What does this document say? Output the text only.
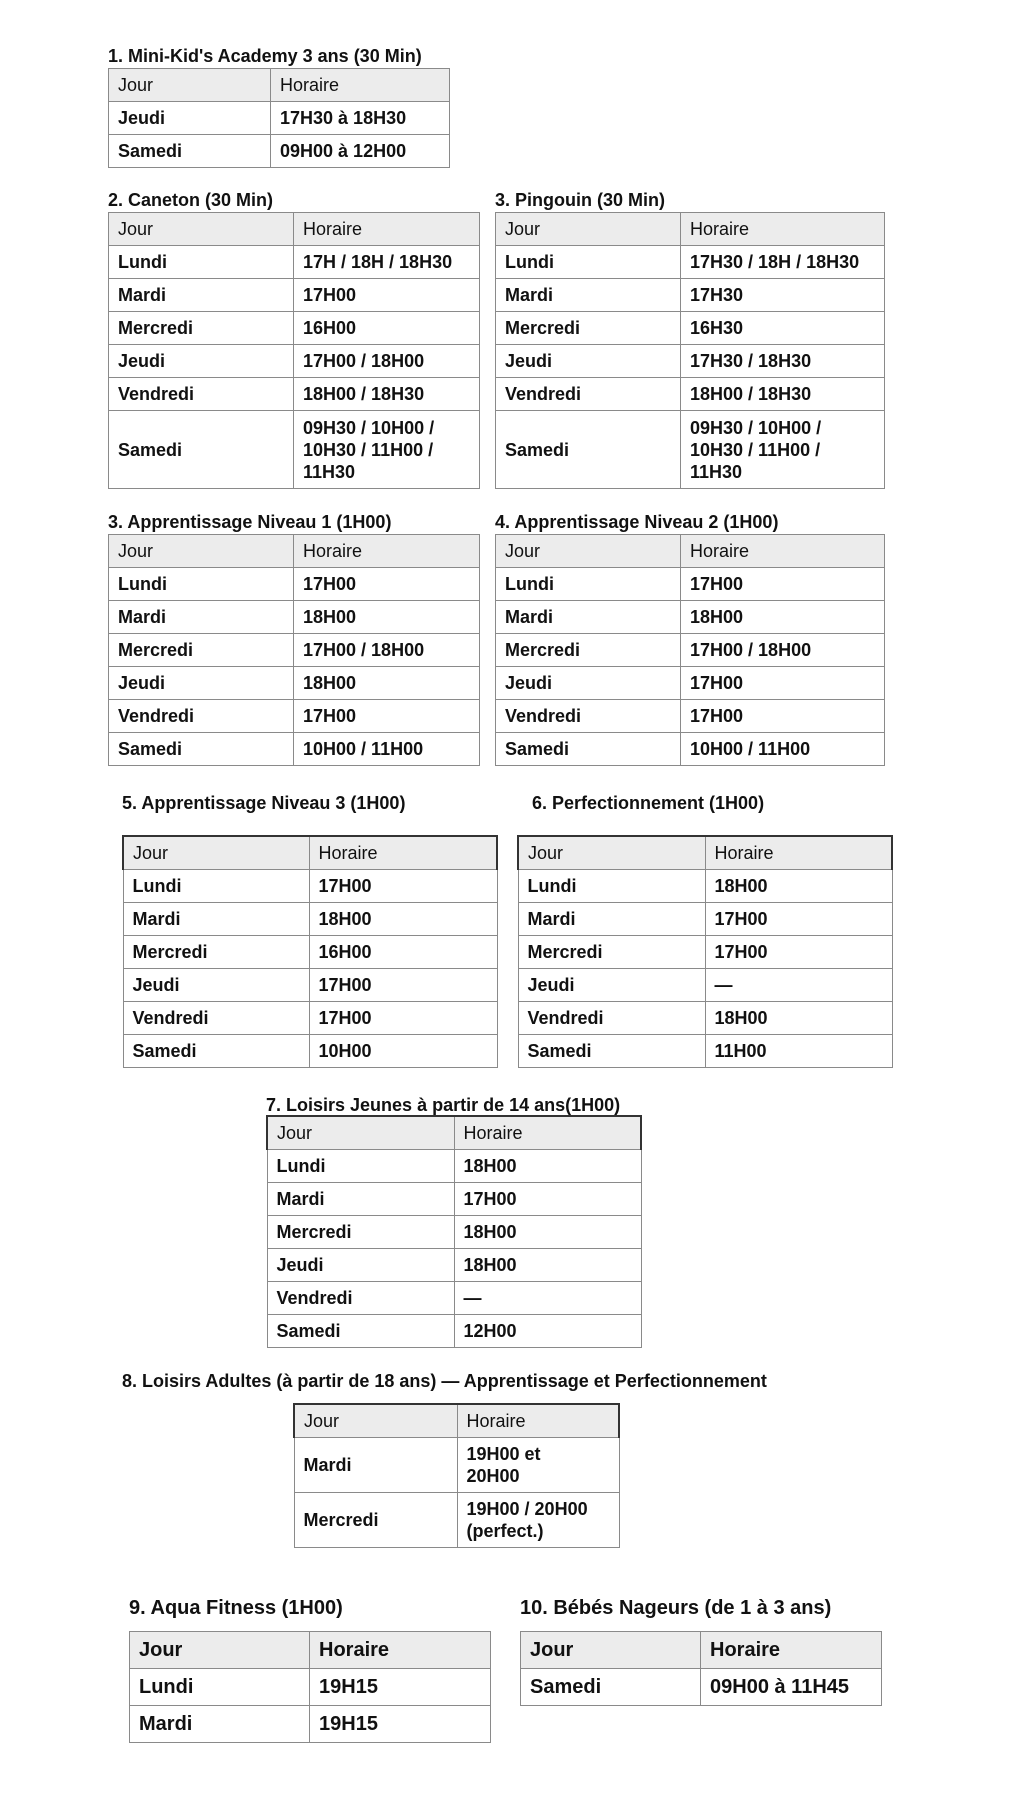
1. Mini-Kid's Academy 3 ans (30 Min)
Jour	Horaire
Jeudi	17H30 à 18H30
Samedi	09H00 à 12H00
2. Caneton (30 Min)
Jour	Horaire
Lundi	17H / 18H / 18H30
Mardi	17H00
Mercredi	16H00
Jeudi	17H00 / 18H00
Vendredi	18H00 / 18H30
Samedi	09H30 / 10H00 / 10H30 / 11H00 / 11H30
3. Pingouin (30 Min)
Jour	Horaire
Lundi	17H30 / 18H / 18H30
Mardi	17H30
Mercredi	16H30
Jeudi	17H30 / 18H30
Vendredi	18H00 / 18H30
Samedi	09H30 / 10H00 / 10H30 / 11H00 / 11H30
3. Apprentissage Niveau 1 (1H00)
Jour	Horaire
Lundi	17H00
Mardi	18H00
Mercredi	17H00 / 18H00
Jeudi	18H00
Vendredi	17H00
Samedi	10H00 / 11H00
4. Apprentissage Niveau 2 (1H00)
Jour	Horaire
Lundi	17H00
Mardi	18H00
Mercredi	17H00 / 18H00
Jeudi	17H00
Vendredi	17H00
Samedi	10H00 / 11H00
5. Apprentissage Niveau 3 (1H00)
Jour	Horaire
Lundi	17H00
Mardi	18H00
Mercredi	16H00
Jeudi	17H00
Vendredi	17H00
Samedi	10H00
6. Perfectionnement (1H00)
Jour	Horaire
Lundi	18H00
Mardi	17H00
Mercredi	17H00
Jeudi	—
Vendredi	18H00
Samedi	11H00
7. Loisirs Jeunes à partir de 14 ans(1H00)
Jour	Horaire
Lundi	18H00
Mardi	17H00
Mercredi	18H00
Jeudi	18H00
Vendredi	—
Samedi	12H00
8. Loisirs Adultes (à partir de 18 ans) — Apprentissage et Perfectionnement
Jour	Horaire
Mardi	19H00 et 20H00
Mercredi	19H00 / 20H00 (perfect.)
9. Aqua Fitness (1H00)
Jour	Horaire
Lundi	19H15
Mardi	19H15
10. Bébés Nageurs (de 1 à 3 ans)
Jour	Horaire
Samedi	09H00 à 11H45
